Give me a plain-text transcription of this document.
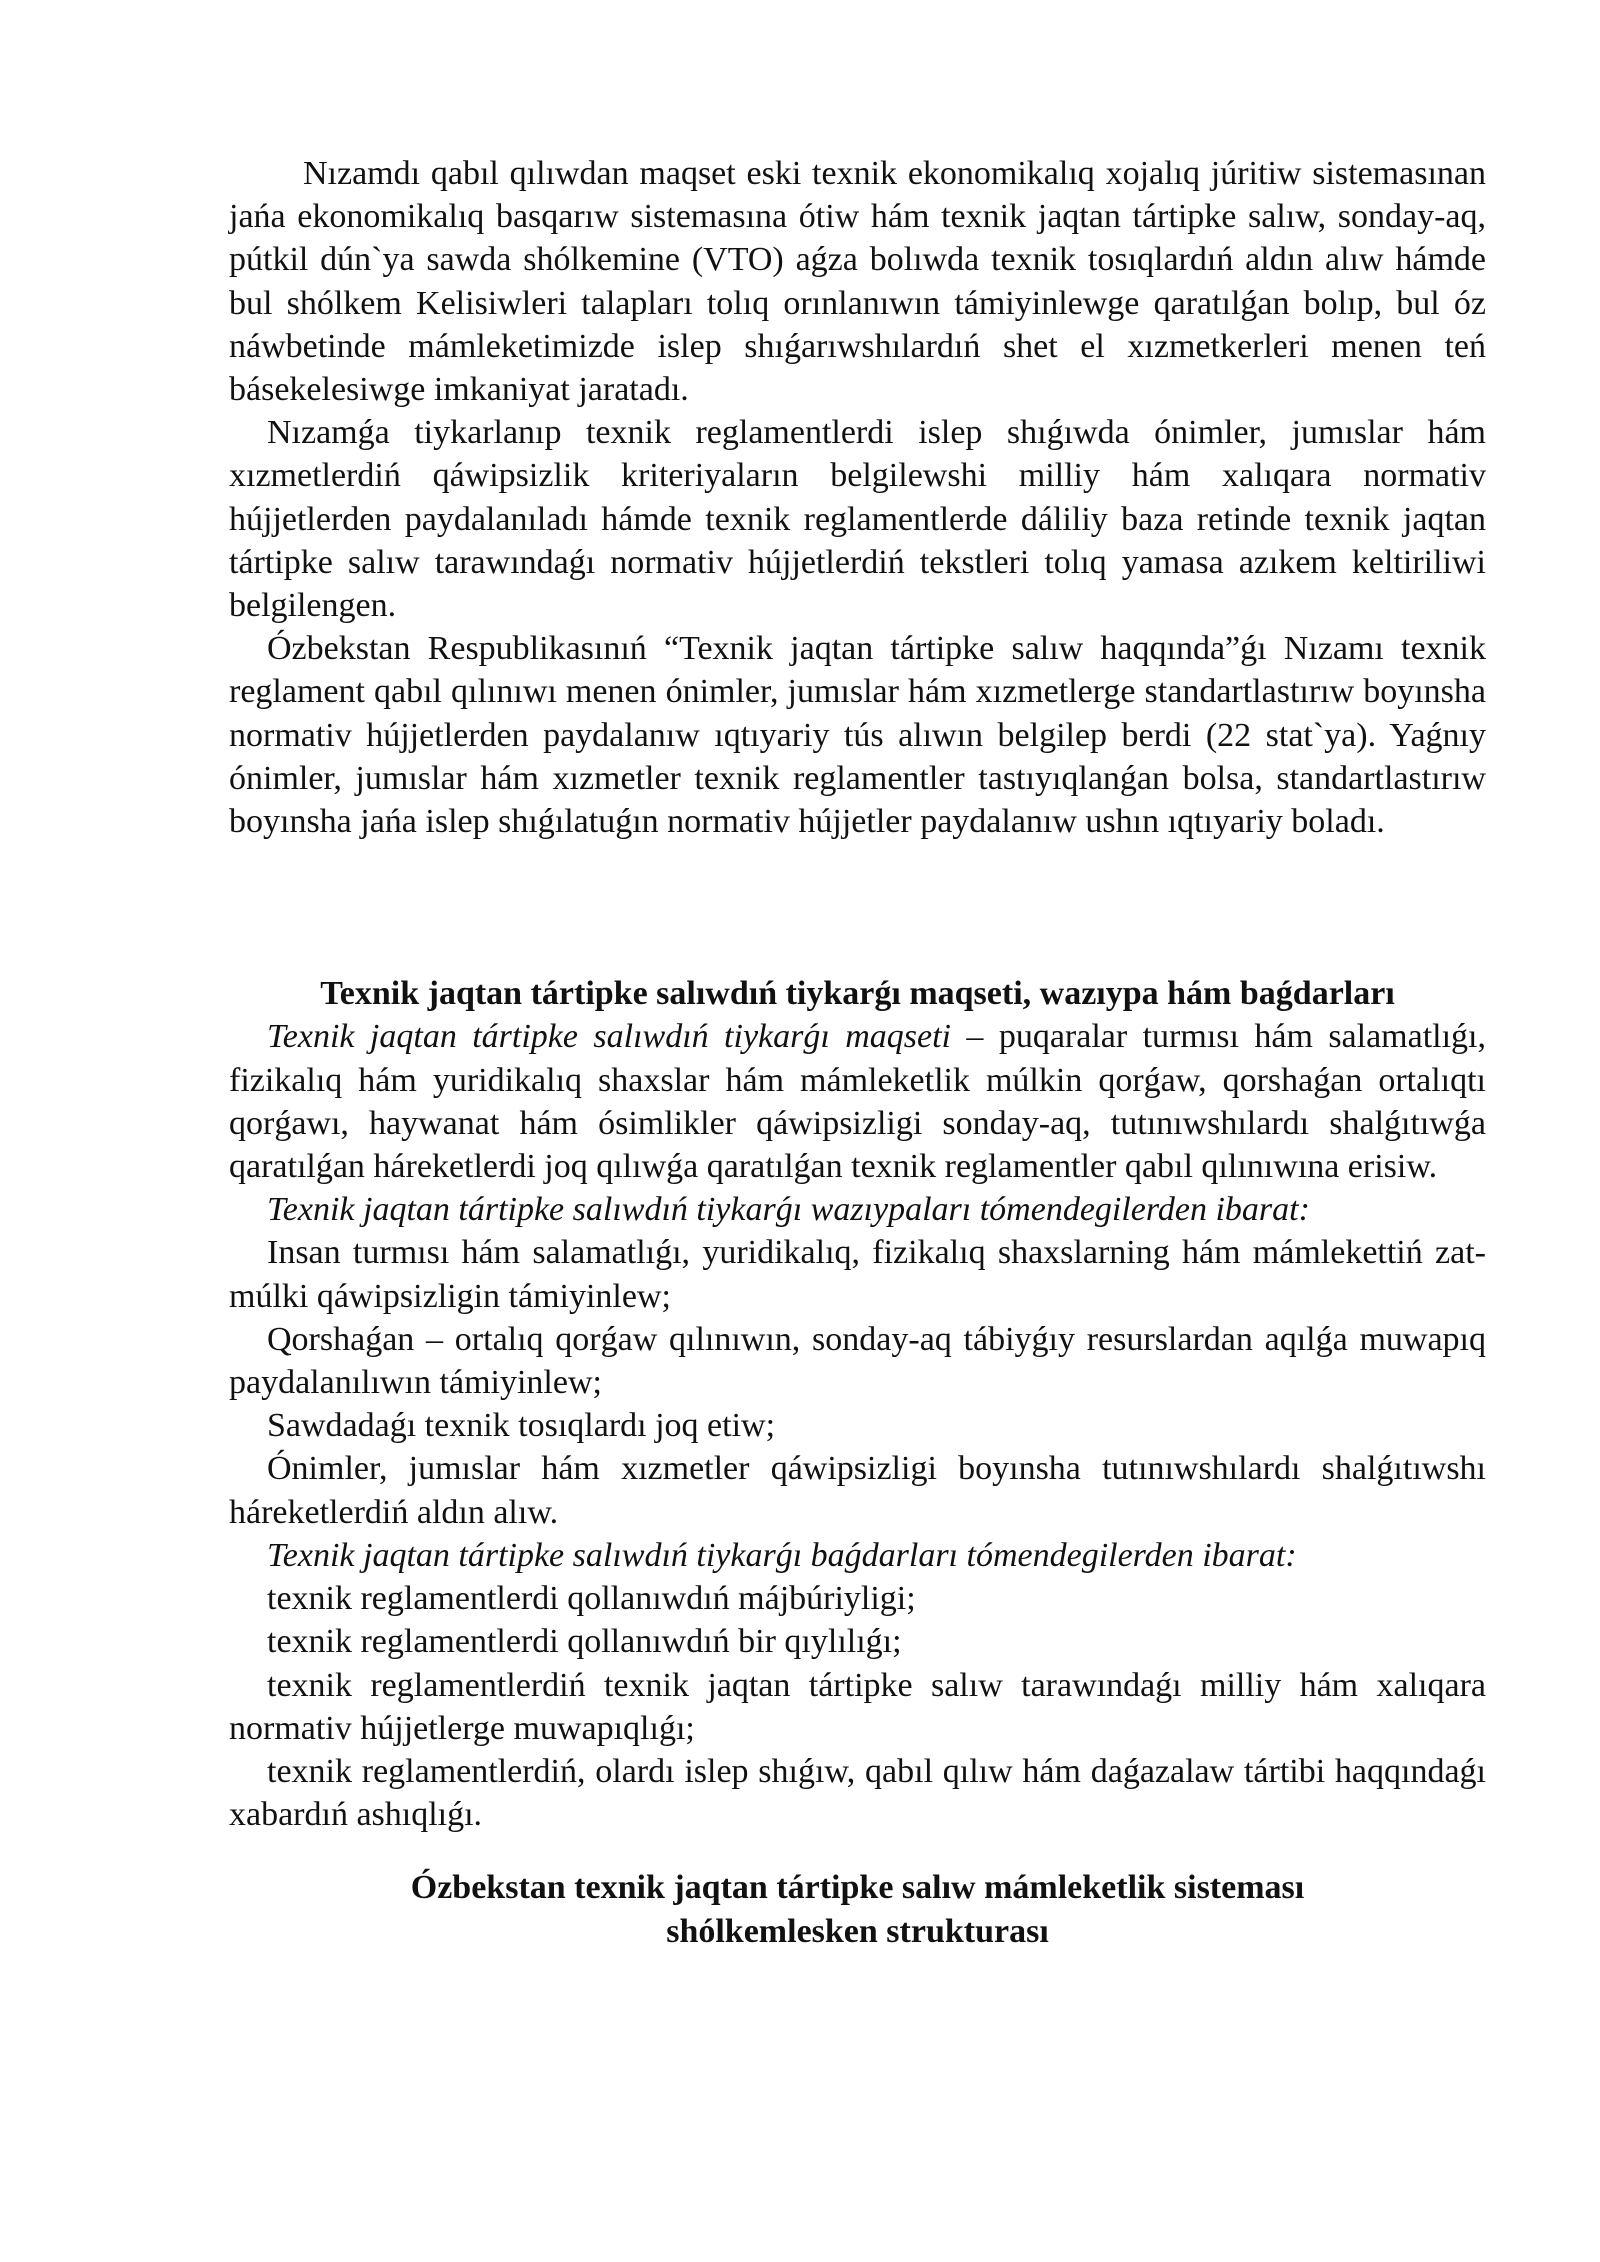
Nızamdı qabıl qılıwdan maqset eski texnik ekonomikalıq xojalıq júritiw sistemasınan jańa ekonomikalıq basqarıw sistemasına ótiw hám texnik jaqtan tártipke salıw, sonday-aq, pútkil dún`ya sawda shólkemine (VTO) aǵza bolıwda texnik tosıqlardıń aldın alıw hámde bul shólkem Kelisiwleri talapları tolıq orınlanıwın támiyinlewge qaratılǵan bolıp, bul óz náwbetinde mámleketimizde islep shıǵarıwshılardıń shet el xızmetkerleri menen teń básekelesiwge imkaniyat jaratadı.

Nızamǵa tiykarlanıp texnik reglamentlerdi islep shıǵıwda ónimler, jumıslar hám xızmetlerdiń qáwipsizlik kriteriyaların belgilewshi milliy hám xalıqara normativ hújjetlerden paydalanıladı hámde texnik reglamentlerde dáliliy baza retinde texnik jaqtan tártipke salıw tarawındaǵı normativ hújjetlerdiń tekstleri tolıq yamasa azıkem keltiriliwi belgilengen.

Ózbekstan Respublikasınıń “Texnik jaqtan tártipke salıw haqqında”ǵı Nızamı texnik reglament qabıl qılınıwı menen ónimler, jumıslar hám xızmetlerge standartlastırıw boyınsha normativ hújjetlerden paydalanıw ıqtıyariy tús alıwın belgilep berdi (22 stat`ya). Yaǵnıy ónimler, jumıslar hám xızmetler texnik reglamentler tastıyıqlanǵan bolsa, standartlastırıw boyınsha jańa islep shıǵılatuǵın normativ hújjetler paydalanıw ushın ıqtıyariy boladı.

Texnik jaqtan tártipke salıwdıń tiykarǵı maqseti, wazıypa hám baǵdarları

Texnik jaqtan tártipke salıwdıń tiykarǵı maqseti – puqaralar turmısı hám salamatlıǵı, fizikalıq hám yuridikalıq shaxslar hám mámleketlik múlkin qorǵaw, qorshaǵan ortalıqtı qorǵawı, haywanat hám ósimlikler qáwipsizligi sonday-aq, tutınıwshılardı shalǵıtıwǵa qaratılǵan háreketlerdi joq qılıwǵa qaratılǵan texnik reglamentler qabıl qılınıwına erisiw.

Texnik jaqtan tártipke salıwdıń tiykarǵı wazıypaları tómendegilerden ibarat:

Insan turmısı hám salamatlıǵı, yuridikalıq, fizikalıq shaxslarning hám mámlekettiń zat-múlki qáwipsizligin támiyinlew;

Qorshaǵan – ortalıq qorǵaw qılınıwın, sonday-aq tábiyǵıy resurslardan aqılǵa muwapıq paydalanılıwın támiyinlew;

Sawdadaǵı texnik tosıqlardı joq etiw;

Ónimler, jumıslar hám xızmetler qáwipsizligi boyınsha tutınıwshılardı shalǵıtıwshı háreketlerdiń aldın alıw.

Texnik jaqtan tártipke salıwdıń tiykarǵı baǵdarları tómendegilerden ibarat:

texnik reglamentlerdi qollanıwdıń májbúriyligi;

texnik reglamentlerdi qollanıwdıń bir qıylılıǵı;

texnik reglamentlerdiń texnik jaqtan tártipke salıw tarawındaǵı milliy hám xalıqara normativ hújjetlerge muwapıqlıǵı;

texnik reglamentlerdiń, olardı islep shıǵıw, qabıl qılıw hám daǵazalaw tártibi haqqındaǵı xabardıń ashıqlıǵı.

Ózbekstan texnik jaqtan tártipke salıw mámleketlik sisteması
shólkemlesken strukturası
